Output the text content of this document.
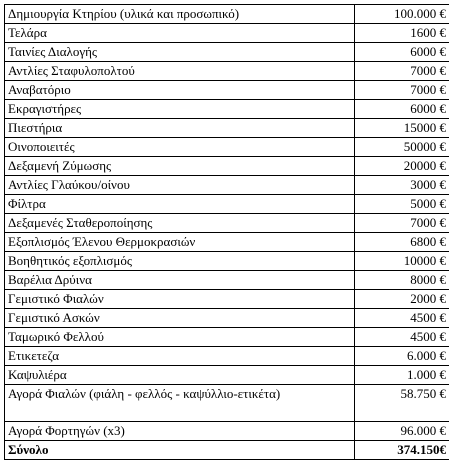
Δημιουργία Κτηρίου (υλικά και προσωπικό)	100.000 €
Τελάρα	1600 €
Ταινίες Διαλογής	6000 €
Αντλίες Σταφυλοπολτού	7000 €
Αναβατόριο	7000 €
Εκραγιστήρες	6000 €
Πιεστήρια	15000 €
Οινοποιειτές	50000 €
Δεξαμενή Ζύμωσης	20000 €
Αντλίες Γλαύκου/οίνου	3000 €
Φίλτρα	5000 €
Δεξαμενές Σταθεροποίησης	7000 €
Εξοπλισμός Έλενου Θερμοκρασιών	6800 €
Βοηθητικός εξοπλισμός	10000 €
Βαρέλια Δρύινα	8000 €
Γεμιστικό Φιαλών	2000 €
Γεμιστικό Ασκών	4500 €
Ταμωρικό Φελλού	4500 €
Ετικετεζα	6.000 €
Καψυλιέρα	1.000 €
Αγορά Φιαλών (φιάλη - φελλός - καψύλλιο-ετικέτα)	58.750 €
Αγορά Φορτηγών (x3)	96.000 €
Σύνολο	374.150€
